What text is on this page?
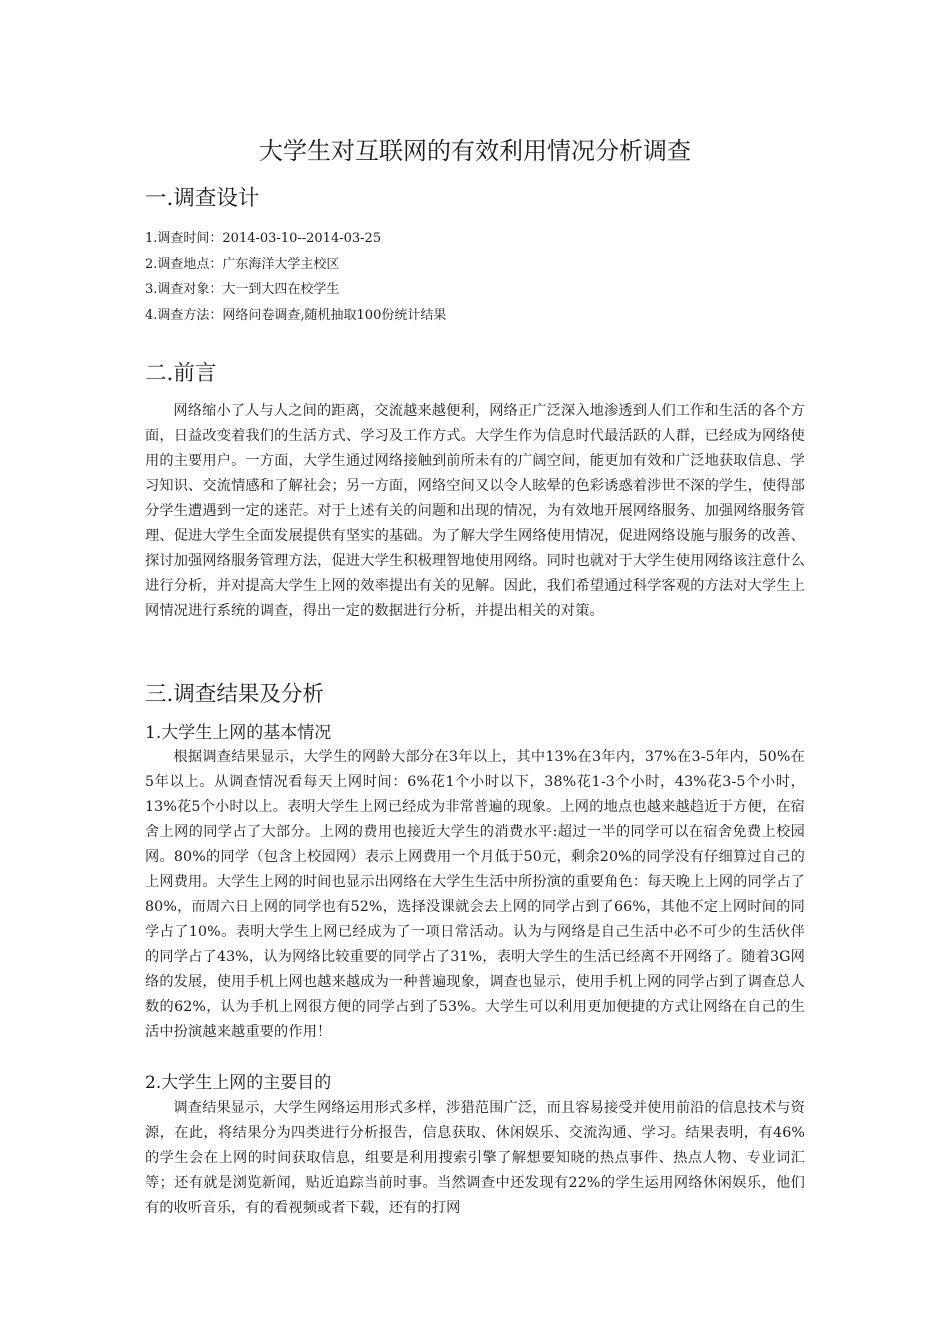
大学生对互联网的有效利用情况分析调查
一.调查设计
1.调查时间：2014-03-10--2014-03-25
2.调查地点：广东海洋大学主校区
3.调查对象：大一到大四在校学生
4.调查方法：网络问卷调查,随机抽取100份统计结果
二.前言

网络缩小了人与人之间的距离，交流越来越便利，网络正广泛深入地渗透到人们工作和生活的各个方面，日益改变着我们的生活方式、学习及工作方式。大学生作为信息时代最活跃的人群，已经成为网络使用的主要用户。一方面，大学生通过网络接触到前所未有的广阔空间，能更加有效和广泛地获取信息、学习知识、交流情感和了解社会；另一方面，网络空间又以令人眩晕的色彩诱惑着涉世不深的学生，使得部分学生遭遇到一定的迷茫。对于上述有关的问题和出现的情况，为有效地开展网络服务、加强网络服务管理、促进大学生全面发展提供有坚实的基础。为了解大学生网络使用情况，促进网络设施与服务的改善、探讨加强网络服务管理方法，促进大学生积极理智地使用网络。同时也就对于大学生使用网络该注意什么进行分析，并对提高大学生上网的效率提出有关的见解。因此，我们希望通过科学客观的方法对大学生上网情况进行系统的调查，得出一定的数据进行分析，并提出相关的对策。

三.调查结果及分析
1.大学生上网的基本情况

根据调查结果显示，大学生的网龄大部分在3年以上，其中13%在3年内，37%在3-5年内，50%在5年以上。从调查情况看每天上网时间：6%花1个小时以下，38%花1-3个小时，43%花3-5个小时，13%花5个小时以上。表明大学生上网已经成为非常普遍的现象。上网的地点也越来越趋近于方便，在宿舍上网的同学占了大部分。上网的费用也接近大学生的消费水平:超过一半的同学可以在宿舍免费上校园网。80%的同学（包含上校园网）表示上网费用一个月低于50元，剩余20%的同学没有仔细算过自己的上网费用。大学生上网的时间也显示出网络在大学生生活中所扮演的重要角色：每天晚上上网的同学占了80%，而周六日上网的同学也有52%，选择没课就会去上网的同学占到了66%，其他不定上网时间的同学占了10%。表明大学生上网已经成为了一项日常活动。认为与网络是自己生活中必不可少的生活伙伴的同学占了43%，认为网络比较重要的同学占了31%，表明大学生的生活已经离不开网络了。随着3G网络的发展，使用手机上网也越来越成为一种普遍现象，调查也显示，使用手机上网的同学占到了调查总人数的62%，认为手机上网很方便的同学占到了53%。大学生可以利用更加便捷的方式让网络在自己的生活中扮演越来越重要的作用！

2.大学生上网的主要目的

调查结果显示，大学生网络运用形式多样，涉猎范围广泛，而且容易接受并使用前沿的信息技术与资源，在此，将结果分为四类进行分析报告，信息获取、休闲娱乐、交流沟通、学习。结果表明，有46%的学生会在上网的时间获取信息，组要是利用搜索引擎了解想要知晓的热点事件、热点人物、专业词汇等；还有就是浏览新闻，贴近追踪当前时事。当然调查中还发现有22%的学生运用网络休闲娱乐，他们有的收听音乐，有的看视频或者下载，还有的打网
